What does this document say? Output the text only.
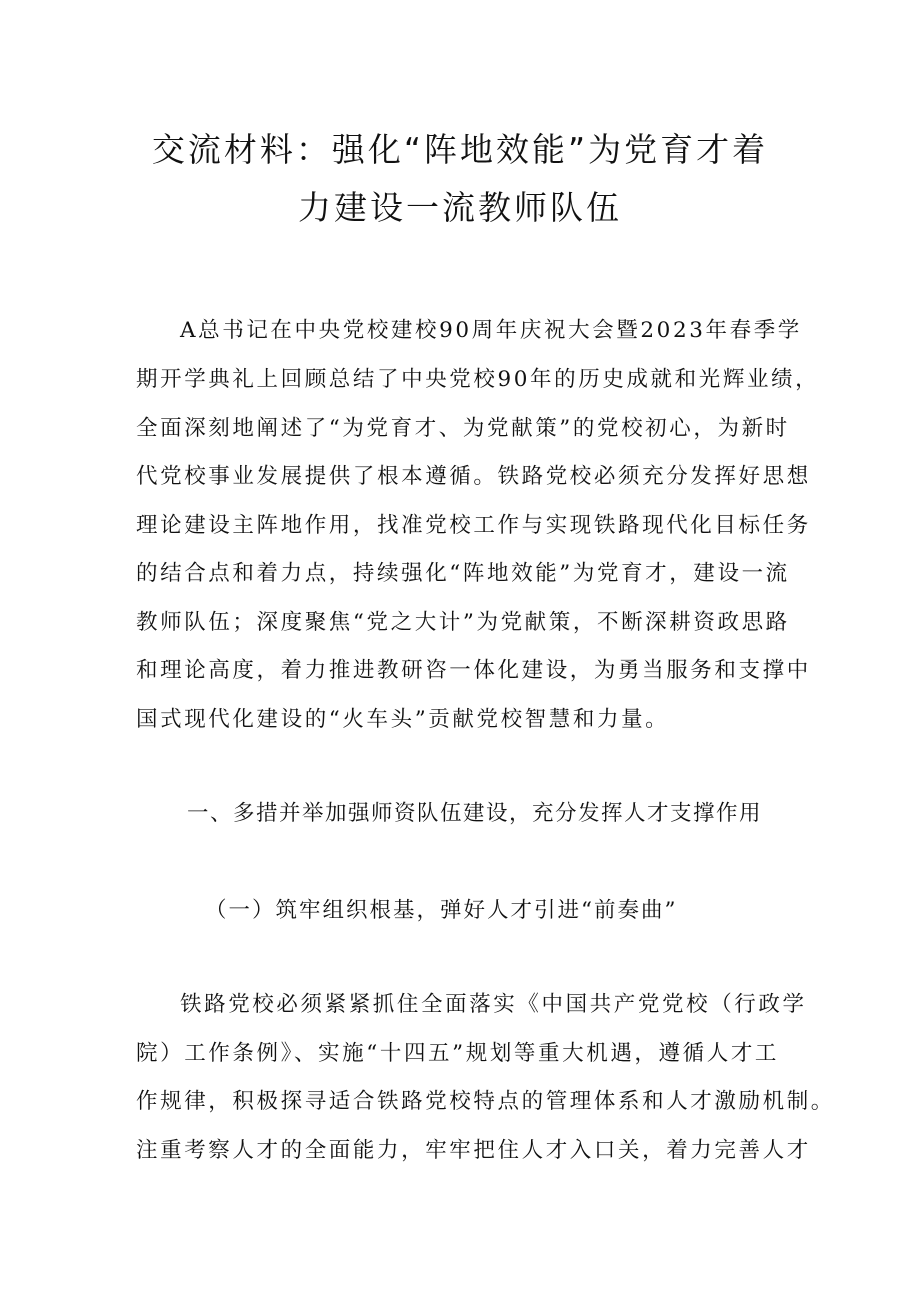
交流材料：强化“阵地效能”为党育才着
力建设一流教师队伍
A总书记在中央党校建校90周年庆祝大会暨2023年春季学
期开学典礼上回顾总结了中央党校90年的历史成就和光辉业绩，
全面深刻地阐述了“为党育才、为党献策”的党校初心，为新时
代党校事业发展提供了根本遵循。铁路党校必须充分发挥好思想
理论建设主阵地作用，找准党校工作与实现铁路现代化目标任务
的结合点和着力点，持续强化“阵地效能”为党育才，建设一流
教师队伍；深度聚焦“党之大计”为党献策，不断深耕资政思路
和理论高度，着力推进教研咨一体化建设，为勇当服务和支撑中
国式现代化建设的“火车头”贡献党校智慧和力量。
一、多措并举加强师资队伍建设，充分发挥人才支撑作用
（一）筑牢组织根基，弹好人才引进“前奏曲”
铁路党校必须紧紧抓住全面落实《中国共产党党校（行政学
院）工作条例》、实施“十四五”规划等重大机遇，遵循人才工
作规律，积极探寻适合铁路党校特点的管理体系和人才激励机制。
注重考察人才的全面能力，牢牢把住人才入口关，着力完善人才
